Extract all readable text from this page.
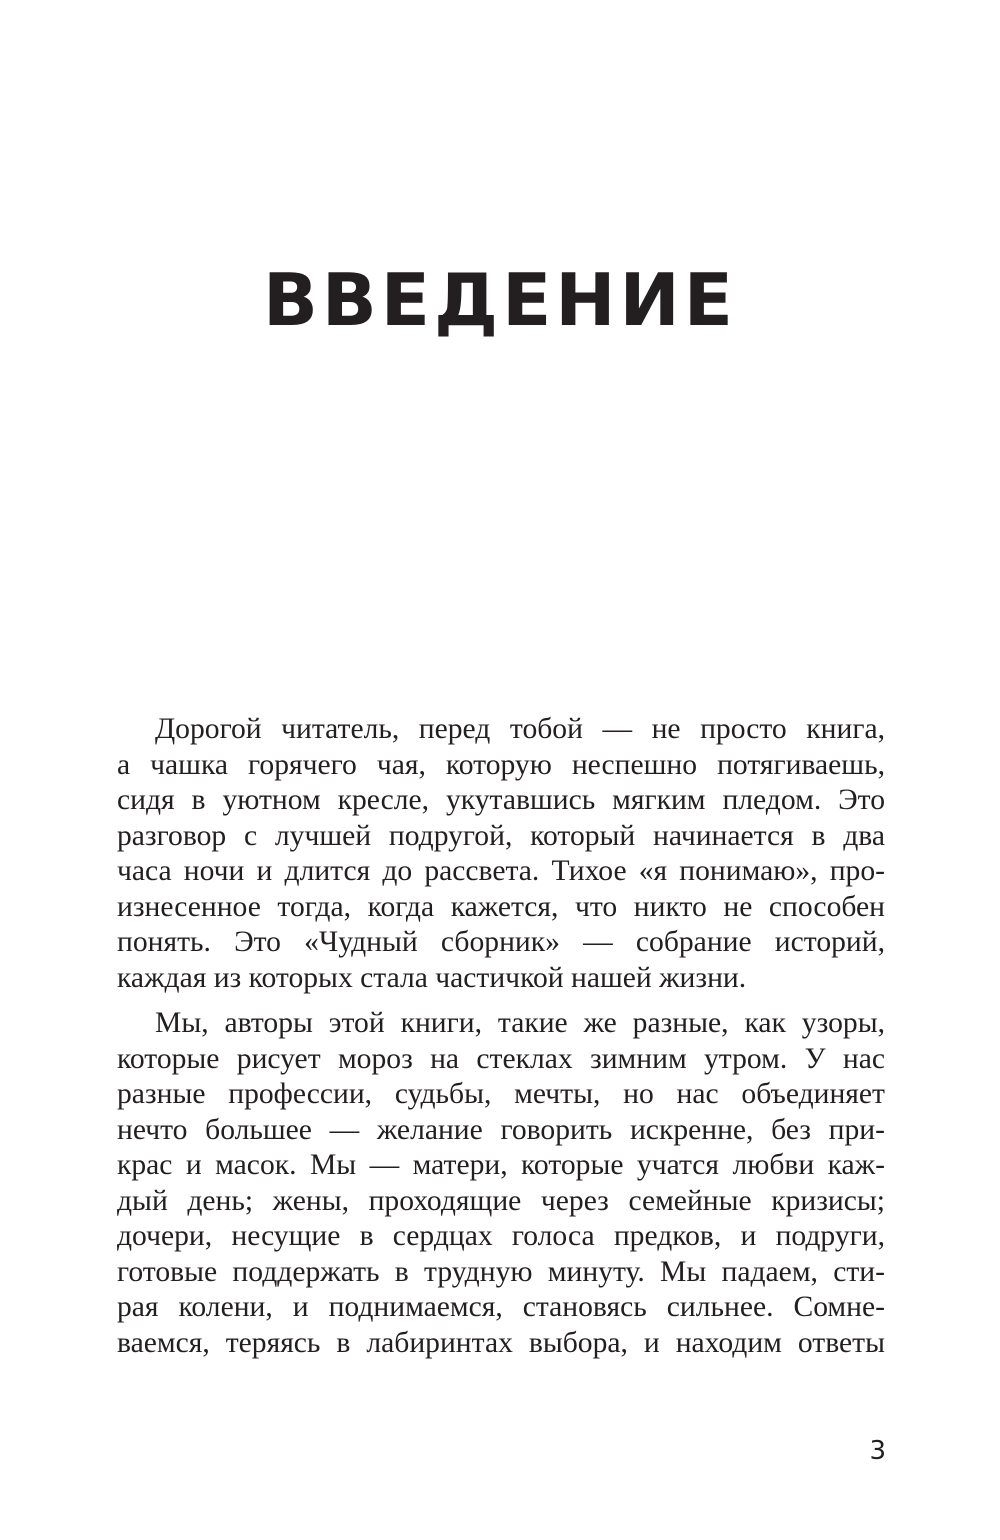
ВВЕДЕНИЕ
Дорогой читатель, перед тобой — не просто книга,
а чашка горячего чая, которую неспешно потягиваешь,
сидя в уютном кресле, укутавшись мягким пледом. Это
разговор с лучшей подругой, который начинается в два
часа ночи и длится до рассвета. Тихое «я понимаю», про-
изнесенное тогда, когда кажется, что никто не способен
понять. Это «Чудный сборник» — собрание историй,
каждая из которых стала частичкой нашей жизни.
Мы, авторы этой книги, такие же разные, как узоры,
которые рисует мороз на стеклах зимним утром. У нас
разные профессии, судьбы, мечты, но нас объединяет
нечто большее — желание говорить искренне, без при-
крас и масок. Мы — матери, которые учатся любви каж-
дый день; жены, проходящие через семейные кризисы;
дочери, несущие в сердцах голоса предков, и подруги,
готовые поддержать в трудную минуту. Мы падаем, сти-
рая колени, и поднимаемся, становясь сильнее. Сомне-
ваемся, теряясь в лабиринтах выбора, и находим ответы
3
